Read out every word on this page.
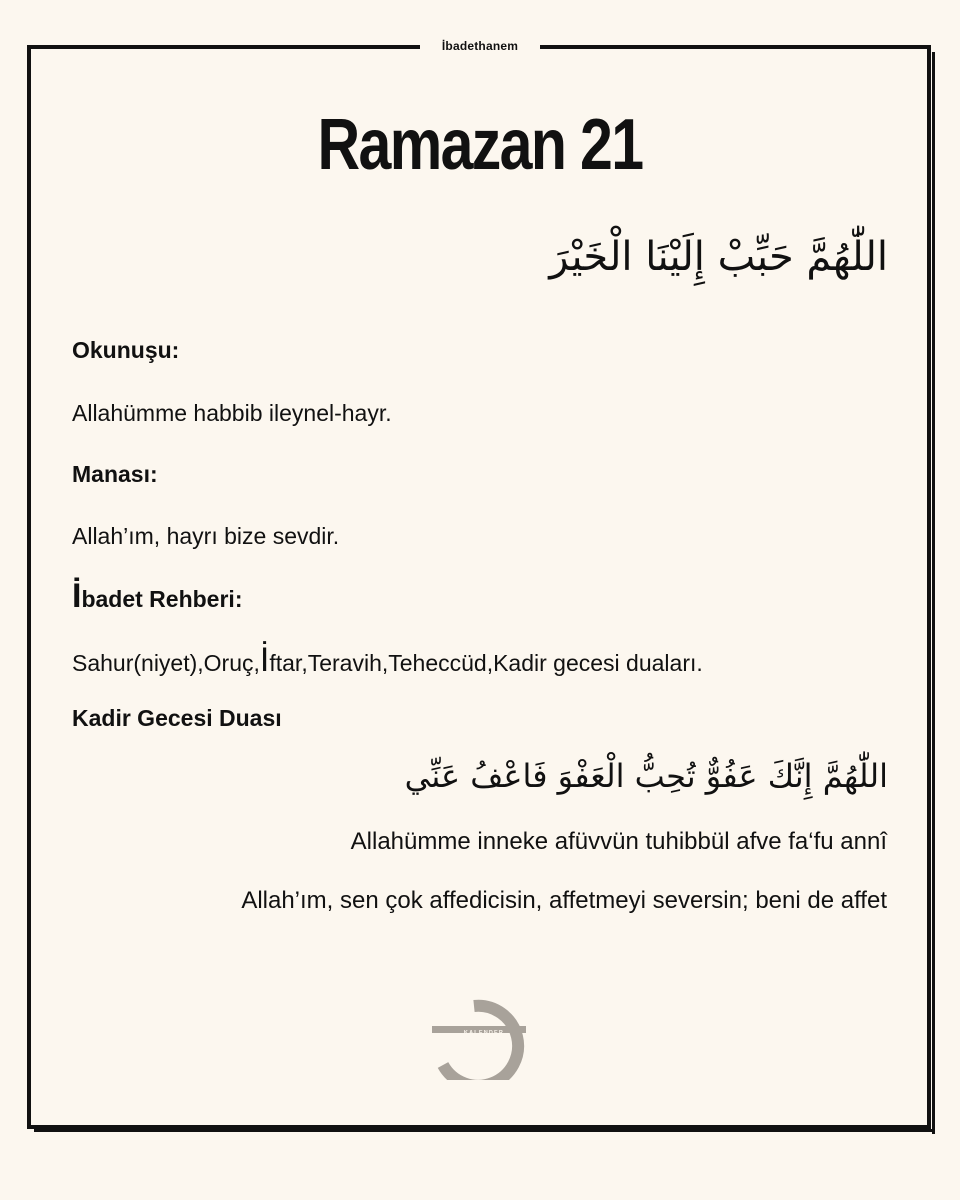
İbadethanem
Ramazan 21
اللّٰهُمَّ حَبِّبْ إِلَيْنَا الْخَيْرَ
Okunuşu:
Allahümme habbib ileynel-hayr.
Manası:
Allah’ım, hayrı bize sevdir.
İbadet Rehberi:
Sahur(niyet),Oruç,İftar,Teravih,Teheccüd,Kadir gecesi duaları.
Kadir Gecesi Duası
اللّٰهُمَّ إِنَّكَ عَفُوٌّ تُحِبُّ الْعَفْوَ فَاعْفُ عَنِّي
Allahümme inneke afüvvün tuhibbül afve fa‘fu annî
Allah’ım, sen çok affedicisin, affetmeyi seversin; beni de affet
KALENDER
